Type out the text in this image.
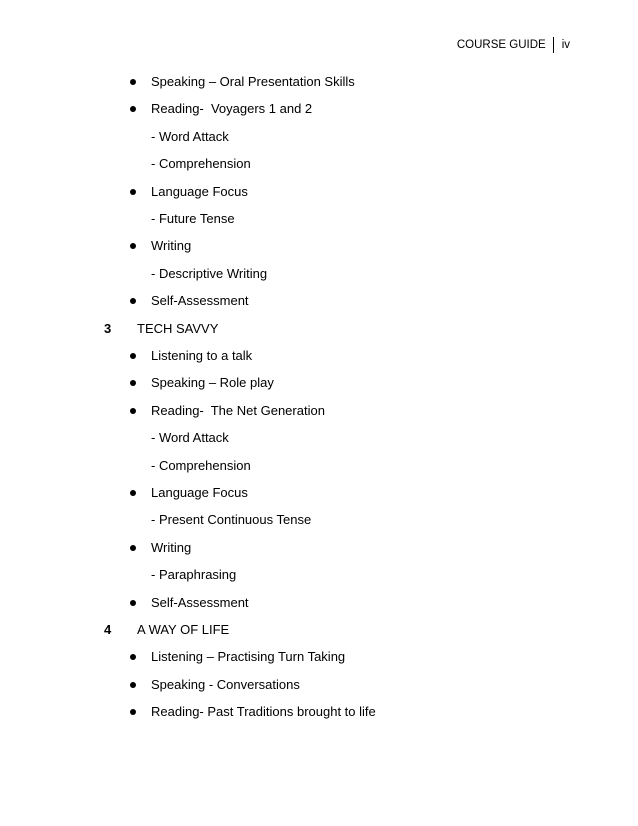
COURSE GUIDE iv
Speaking – Oral Presentation Skills
Reading-  Voyagers 1 and 2
- Word Attack
- Comprehension
Language Focus
- Future Tense
Writing
- Descriptive Writing
Self-Assessment
3 TECH SAVVY
Listening to a talk
Speaking – Role play
Reading-  The Net Generation
- Word Attack
- Comprehension
Language Focus
- Present Continuous Tense
Writing
- Paraphrasing
Self-Assessment
4 A WAY OF LIFE
Listening – Practising Turn Taking
Speaking - Conversations
Reading- Past Traditions brought to life
